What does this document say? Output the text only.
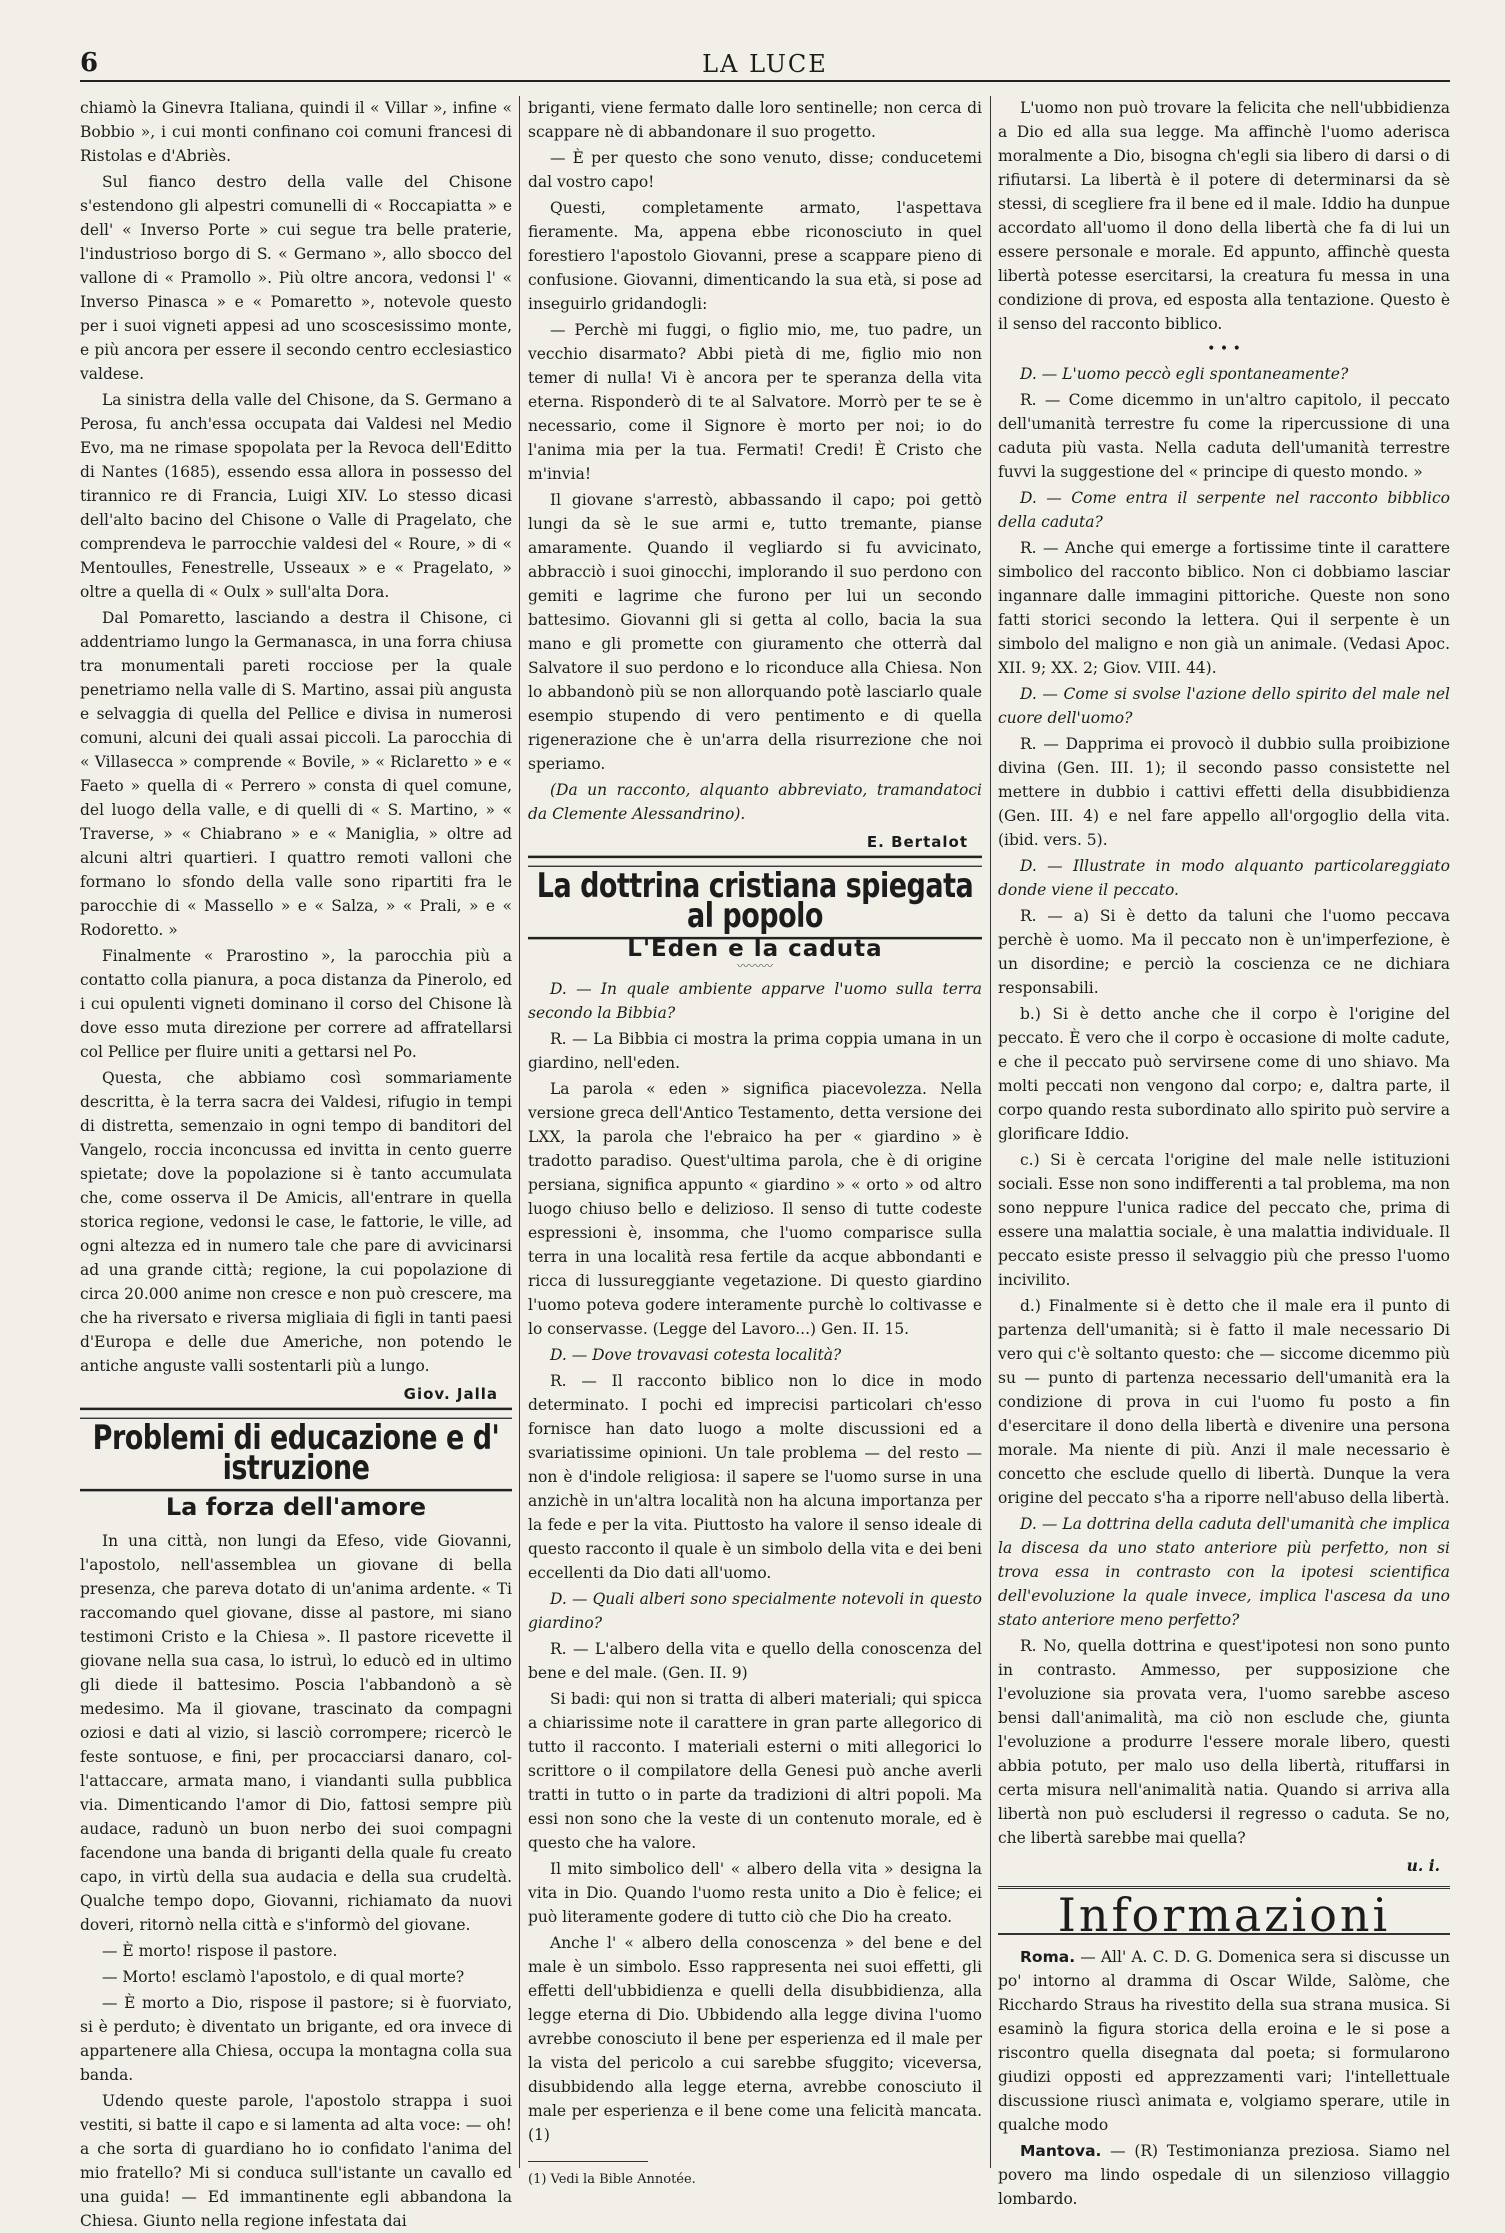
6	LA LUCE

chiamò la Ginevra Italiana, quindi il « Villar », infine « Bobbio », i cui monti confinano coi comuni francesi di Ristolas e d'Abriès.

Sul fianco destro della valle del Chisone s'estendono gli alpestri comunelli di « Roccapiatta » e dell' « Inverso Porte » cui segue tra belle praterie, l'industrioso borgo di S. « Germano », allo sbocco del vallone di « Pramollo ». Più oltre ancora, vedonsi l' « Inverso Pinasca » e « Pomaretto », notevole questo per i suoi vigneti appesi ad uno scoscesissimo monte, e più ancora per essere il secondo centro ecclesiastico valdese.

La sinistra della valle del Chisone, da S. Germano a Perosa, fu anch'essa occupata dai Valdesi nel Medio Evo, ma ne rimase spopolata per la Revoca dell'Editto di Nantes (1685), essendo essa allora in possesso del tirannico re di Francia, Luigi XIV. Lo stesso dicasi dell'alto bacino del Chisone o Valle di Pragelato, che comprendeva le parrocchie valdesi del « Roure, » di « Mentoulles, Fenestrelle, Usseaux » e « Pragelato, » oltre a quella di « Oulx » sull'alta Dora.

Dal Pomaretto, lasciando a destra il Chisone, ci addentriamo lungo la Germanasca, in una forra chiusa tra monumentali pareti rocciose per la quale penetriamo nella valle di S. Martino, assai più angusta e selvaggia di quella del Pellice e divisa in numerosi comuni, alcuni dei quali assai piccoli. La parocchia di « Villasecca » comprende « Bovile, » « Riclaretto » e « Faeto » quella di « Perrero » consta di quel comune, del luogo della valle, e di quelli di « S. Martino, » « Traverse, » « Chiabrano » e « Maniglia, » oltre ad alcuni altri quartieri. I quattro remoti valloni che formano lo sfondo della valle sono ripartiti fra le parocchie di « Massello » e « Salza, » « Prali, » e « Rodoretto. »

Finalmente « Prarostino », la parocchia più a contatto colla pianura, a poca distanza da Pinerolo, ed i cui opulenti vigneti dominano il corso del Chisone là dove esso muta direzione per correre ad affratellarsi col Pellice per fluire uniti a gettarsi nel Po.

Questa, che abbiamo così sommariamente descritta, è la terra sacra dei Valdesi, rifugio in tempi di distretta, semenzaio in ogni tempo di banditori del Vangelo, roccia inconcussa ed invitta in cento guerre spietate; dove la popolazione si è tanto accumulata che, come osserva il De Amicis, all'entrare in quella storica regione, vedonsi le case, le fattorie, le ville, ad ogni altezza ed in numero tale che pare di avvicinarsi ad una grande città; regione, la cui popolazione di circa 20.000 anime non cresce e non può crescere, ma che ha riversato e riversa migliaia di figli in tanti paesi d'Europa e delle due Americhe, non potendo le antiche anguste valli sostentarli più a lungo.

Giov. Jalla
Problemi di educazione e d' istruzione
La forza dell'amore

In una città, non lungi da Efeso, vide Giovanni, l'apostolo, nell'assemblea un giovane di bella presenza, che pareva dotato di un'anima ardente. « Ti raccomando quel giovane, disse al pastore, mi siano testimoni Cristo e la Chiesa ». Il pastore ricevette il giovane nella sua casa, lo istruì, lo educò ed in ultimo gli diede il battesimo. Poscia l'abbandonò a sè medesimo. Ma il giovane, trascinato da compagni oziosi e dati al vizio, si lasciò corrompere; ricercò le feste sontuose, e fini, per procacciarsi danaro, col- l'attaccare, armata mano, i viandanti sulla pubblica via. Dimenticando l'amor di Dio, fattosi sempre più audace, radunò un buon nerbo dei suoi compagni facendone una banda di briganti della quale fu creato capo, in virtù della sua audacia e della sua crudeltà. Qualche tempo dopo, Giovanni, richiamato da nuovi doveri, ritornò nella città e s'informò del giovane.

— È morto! rispose il pastore.

— Morto! esclamò l'apostolo, e di qual morte?

— È morto a Dio, rispose il pastore; si è fuorviato, si è perduto; è diventato un brigante, ed ora invece di appartenere alla Chiesa, occupa la montagna colla sua banda.

Udendo queste parole, l'apostolo strappa i suoi vestiti, si batte il capo e si lamenta ad alta voce: — oh! a che sorta di guardiano ho io confidato l'anima del mio fratello? Mi si conduca sull'istante un cavallo ed una guida! — Ed immantinente egli abbandona la Chiesa. Giunto nella regione infestata dai

briganti, viene fermato dalle loro sentinelle; non cerca di scappare nè di abbandonare il suo progetto.

— È per questo che sono venuto, disse; conducetemi dal vostro capo!

Questi, completamente armato, l'aspettava fieramente. Ma, appena ebbe riconosciuto in quel forestiero l'apostolo Giovanni, prese a scappare pieno di confusione. Giovanni, dimenticando la sua età, si pose ad inseguirlo gridandogli:

— Perchè mi fuggi, o figlio mio, me, tuo padre, un vecchio disarmato? Abbi pietà di me, figlio mio non temer di nulla! Vi è ancora per te speranza della vita eterna. Risponderò di te al Salvatore. Morrò per te se è necessario, come il Signore è morto per noi; io do l'anima mia per la tua. Fermati! Credi! È Cristo che m'invia!

Il giovane s'arrestò, abbassando il capo; poi gettò lungi da sè le sue armi e, tutto tremante, pianse amaramente. Quando il vegliardo si fu avvicinato, abbracciò i suoi ginocchi, implorando il suo perdono con gemiti e lagrime che furono per lui un secondo battesimo. Giovanni gli si getta al collo, bacia la sua mano e gli promette con giuramento che otterrà dal Salvatore il suo perdono e lo riconduce alla Chiesa. Non lo abbandonò più se non allorquando potè lasciarlo quale esempio stupendo di vero pentimento e di quella rigenerazione che è un'arra della risurrezione che noi speriamo.

(Da un racconto, alquanto abbreviato, tramandatoci da Clemente Alessandrino).

E. Bertalot
La dottrina cristiana spiegata al popolo
L'Eden e la caduta
〰〰〰

D. — In quale ambiente apparve l'uomo sulla terra secondo la Bibbia?

R. — La Bibbia ci mostra la prima coppia umana in un giardino, nell'eden.

La parola « eden » significa piacevolezza. Nella versione greca dell'Antico Testamento, detta versione dei LXX, la parola che l'ebraico ha per « giardino » è tradotto paradiso. Quest'ultima parola, che è di origine persiana, significa appunto « giardino » « orto » od altro luogo chiuso bello e delizioso. Il senso di tutte codeste espressioni è, insomma, che l'uomo comparisce sulla terra in una località resa fertile da acque abbondanti e ricca di lussureggiante vegetazione. Di questo giardino l'uomo poteva godere interamente purchè lo coltivasse e lo conservasse. (Legge del Lavoro...) Gen. II. 15.

D. — Dove trovavasi cotesta località?

R. — Il racconto biblico non lo dice in modo determinato. I pochi ed imprecisi particolari ch'esso fornisce han dato luogo a molte discussioni ed a svariatissime opinioni. Un tale problema — del resto — non è d'indole religiosa: il sapere se l'uomo surse in una anzichè in un'altra località non ha alcuna importanza per la fede e per la vita. Piuttosto ha valore il senso ideale di questo racconto il quale è un simbolo della vita e dei beni eccellenti da Dio dati all'uomo.

D. — Quali alberi sono specialmente notevoli in questo giardino?

R. — L'albero della vita e quello della conoscenza del bene e del male. (Gen. II. 9)

Si badi: qui non si tratta di alberi materiali; qui spicca a chiarissime note il carattere in gran parte allegorico di tutto il racconto. I materiali esterni o miti allegorici lo scrittore o il compilatore della Genesi può anche averli tratti in tutto o in parte da tradizioni di altri popoli. Ma essi non sono che la veste di un contenuto morale, ed è questo che ha valore.

Il mito simbolico dell' « albero della vita » designa la vita in Dio. Quando l'uomo resta unito a Dio è felice; ei può literamente godere di tutto ciò che Dio ha creato.

Anche l' « albero della conoscenza » del bene e del male è un simbolo. Esso rappresenta nei suoi effetti, gli effetti dell'ubbidienza e quelli della disubbidienza, alla legge eterna di Dio. Ubbidendo alla legge divina l'uomo avrebbe conosciuto il bene per esperienza ed il male per la vista del pericolo a cui sarebbe sfuggito; viceversa, disubbidendo alla legge eterna, avrebbe conosciuto il male per esperienza e il bene come una felicità mancata. (1)

(1) Vedi la Bible Annotée.

L'uomo non può trovare la felicita che nell'ubbidienza a Dio ed alla sua legge. Ma affinchè l'uomo aderisca moralmente a Dio, bisogna ch'egli sia libero di darsi o di rifiutarsi. La libertà è il potere di determinarsi da sè stessi, di scegliere fra il bene ed il male. Iddio ha dunpue accordato all'uomo il dono della libertà che fa di lui un essere personale e morale. Ed appunto, affinchè questa libertà potesse esercitarsi, la creatura fu messa in una condizione di prova, ed esposta alla tentazione. Questo è il senso del racconto biblico.

• • •

D. — L'uomo peccò egli spontaneamente?

R. — Come dicemmo in un'altro capitolo, il peccato dell'umanità terrestre fu come la ripercussione di una caduta più vasta. Nella caduta dell'umanità terrestre fuvvi la suggestione del « principe di questo mondo. »

D. — Come entra il serpente nel racconto bibblico della caduta?

R. — Anche qui emerge a fortissime tinte il carattere simbolico del racconto biblico. Non ci dobbiamo lasciar ingannare dalle immagini pittoriche. Queste non sono fatti storici secondo la lettera. Qui il serpente è un simbolo del maligno e non già un animale. (Vedasi Apoc. XII. 9; XX. 2; Giov. VIII. 44).

D. — Come si svolse l'azione dello spirito del male nel cuore dell'uomo?

R. — Dapprima ei provocò il dubbio sulla proibizione divina (Gen. III. 1); il secondo passo consistette nel mettere in dubbio i cattivi effetti della disubbidienza (Gen. III. 4) e nel fare appello all'orgoglio della vita. (ibid. vers. 5).

D. — Illustrate in modo alquanto particolareggiato donde viene il peccato.

R. — a) Si è detto da taluni che l'uomo peccava perchè è uomo. Ma il peccato non è un'imperfezione, è un disordine; e perciò la coscienza ce ne dichiara responsabili.

b.) Si è detto anche che il corpo è l'origine del peccato. È vero che il corpo è occasione di molte cadute, e che il peccato può servirsene come di uno shiavo. Ma molti peccati non vengono dal corpo; e, daltra parte, il corpo quando resta subordinato allo spirito può servire a glorificare Iddio.

c.) Si è cercata l'origine del male nelle istituzioni sociali. Esse non sono indifferenti a tal problema, ma non sono neppure l'unica radice del peccato che, prima di essere una malattia sociale, è una malattia individuale. Il peccato esiste presso il selvaggio più che presso l'uomo incivilito.

d.) Finalmente si è detto che il male era il punto di partenza dell'umanità; si è fatto il male necessario Di vero qui c'è soltanto questo: che — siccome dicemmo più su — punto di partenza necessario dell'umanità era la condizione di prova in cui l'uomo fu posto a fin d'esercitare il dono della libertà e divenire una persona morale. Ma niente di più. Anzi il male necessario è concetto che esclude quello di libertà. Dunque la vera origine del peccato s'ha a riporre nell'abuso della libertà.

D. — La dottrina della caduta dell'umanità che implica la discesa da uno stato anteriore più perfetto, non si trova essa in contrasto con la ipotesi scientifica dell'evoluzione la quale invece, implica l'ascesa da uno stato anteriore meno perfetto?

R. No, quella dottrina e quest'ipotesi non sono punto in contrasto. Ammesso, per supposizione che l'evoluzione sia provata vera, l'uomo sarebbe asceso bensi dall'animalità, ma ciò non esclude che, giunta l'evoluzione a produrre l'essere morale libero, questi abbia potuto, per malo uso della libertà, rituffarsi in certa misura nell'animalità natia. Quando si arriva alla libertà non può escludersi il regresso o caduta. Se no, che libertà sarebbe mai quella?

u. i.
Informazioni

Roma. — All' A. C. D. G. Domenica sera si discusse un po' intorno al dramma di Oscar Wilde, Salòme, che Ricchardo Straus ha rivestito della sua strana musica. Si esaminò la figura storica della eroina e le si pose a riscontro quella disegnata dal poeta; si formularono giudizi opposti ed apprezzamenti vari; l'intellettuale discussione riuscì animata e, volgiamo sperare, utile in qualche modo

Mantova. — (R) Testimonianza preziosa. Siamo nel povero ma lindo ospedale di un silenzioso villaggio lombardo.
